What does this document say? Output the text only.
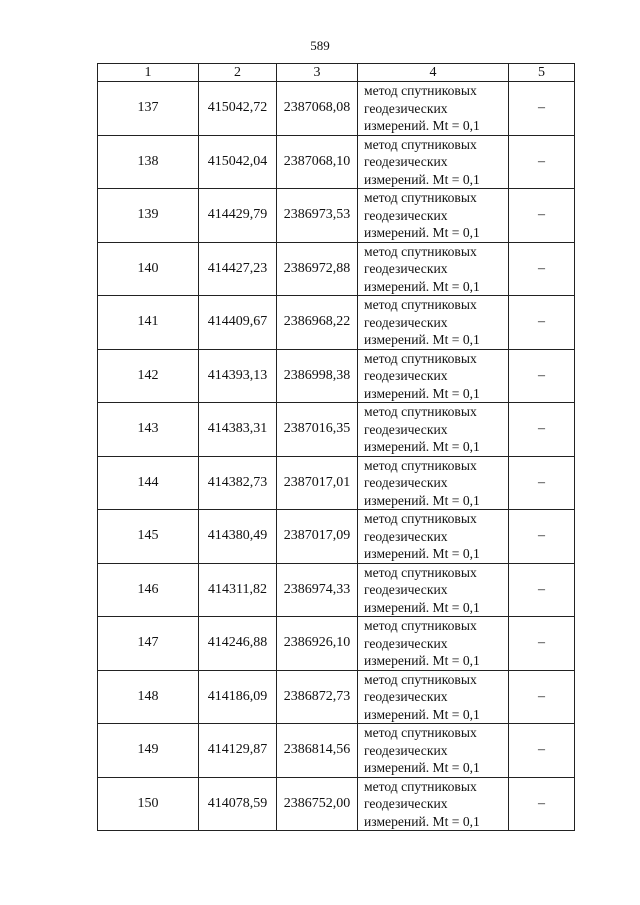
589
1	2	3	4	5
137	415042,72	2387068,08	метод спутниковых
геодезических
измерений. Mt = 0,1	–
138	415042,04	2387068,10	метод спутниковых
геодезических
измерений. Mt = 0,1	–
139	414429,79	2386973,53	метод спутниковых
геодезических
измерений. Mt = 0,1	–
140	414427,23	2386972,88	метод спутниковых
геодезических
измерений. Mt = 0,1	–
141	414409,67	2386968,22	метод спутниковых
геодезических
измерений. Mt = 0,1	–
142	414393,13	2386998,38	метод спутниковых
геодезических
измерений. Mt = 0,1	–
143	414383,31	2387016,35	метод спутниковых
геодезических
измерений. Mt = 0,1	–
144	414382,73	2387017,01	метод спутниковых
геодезических
измерений. Mt = 0,1	–
145	414380,49	2387017,09	метод спутниковых
геодезических
измерений. Mt = 0,1	–
146	414311,82	2386974,33	метод спутниковых
геодезических
измерений. Mt = 0,1	–
147	414246,88	2386926,10	метод спутниковых
геодезических
измерений. Mt = 0,1	–
148	414186,09	2386872,73	метод спутниковых
геодезических
измерений. Mt = 0,1	–
149	414129,87	2386814,56	метод спутниковых
геодезических
измерений. Mt = 0,1	–
150	414078,59	2386752,00	метод спутниковых
геодезических
измерений. Mt = 0,1	–
